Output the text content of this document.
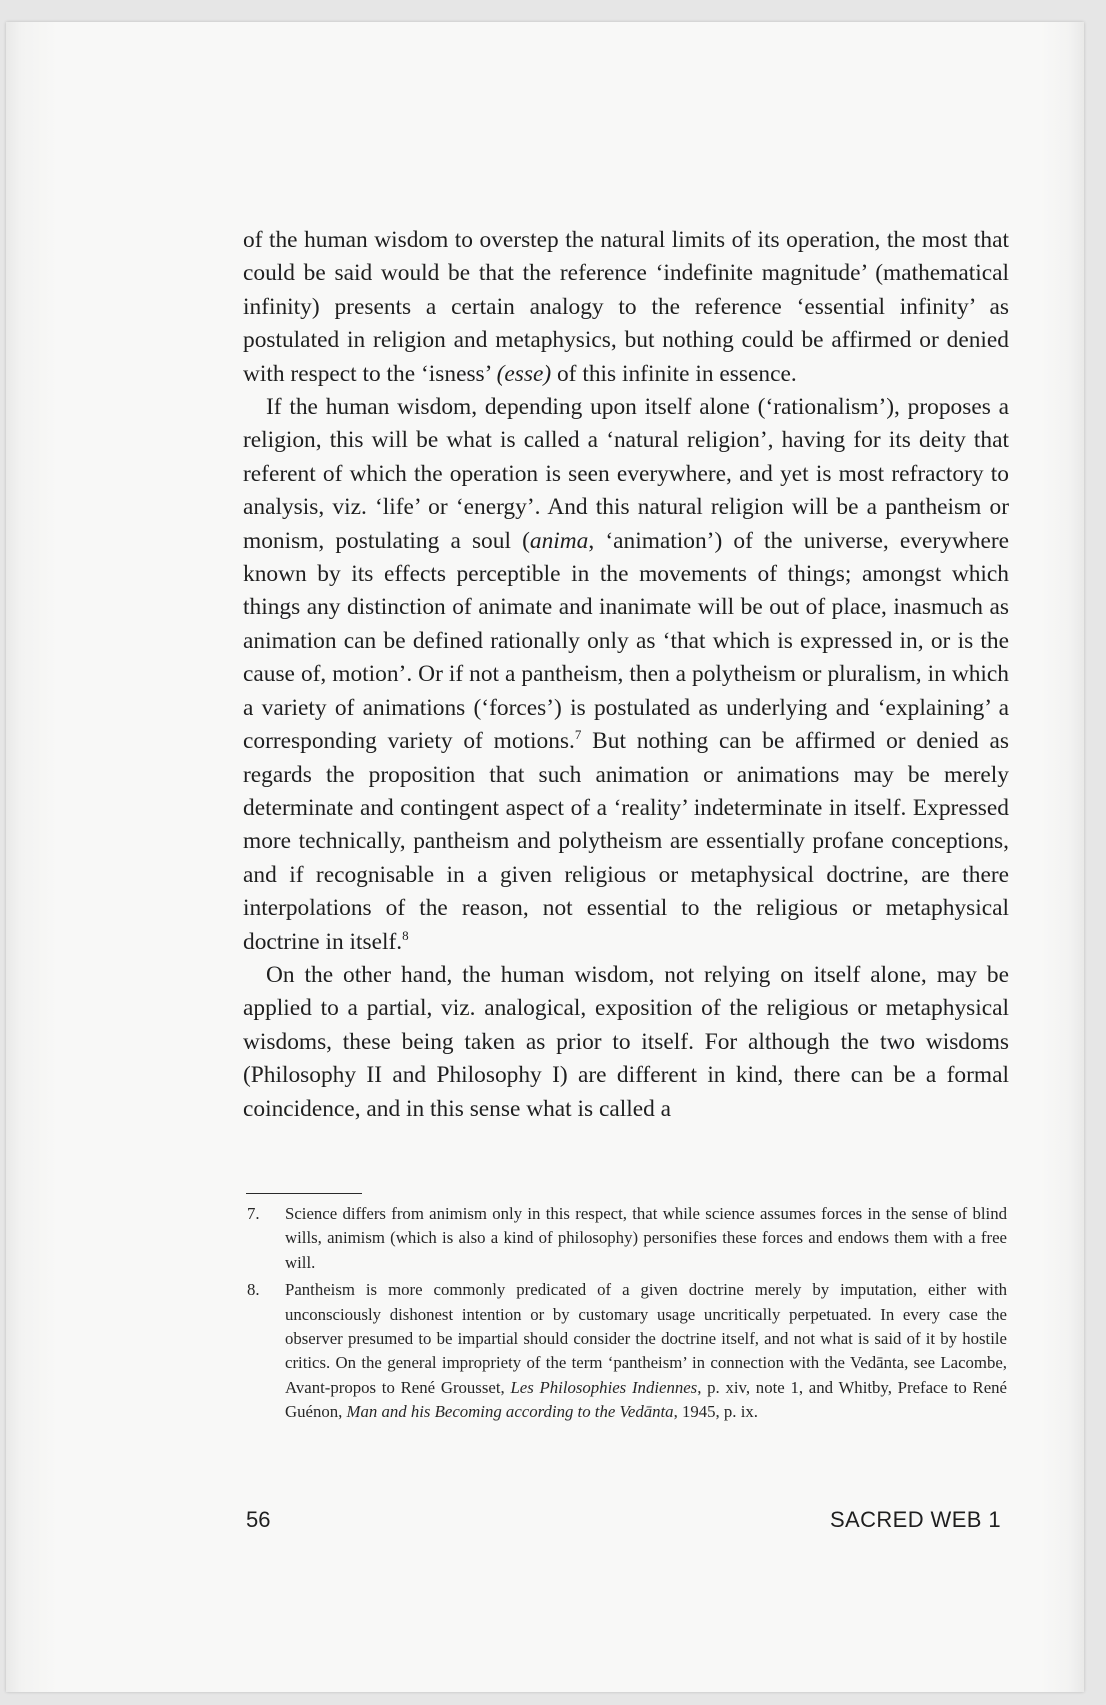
of the human wisdom to overstep the natural limits of its operation, the most that could be said would be that the reference ‘indefinite magnitude’ (mathematical infinity) presents a certain analogy to the reference ‘essential infinity’ as postulated in religion and metaphysics, but nothing could be affirmed or denied with respect to the ‘isness’ (esse) of this infinite in essence.

If the human wisdom, depending upon itself alone (‘rationalism’), proposes a religion, this will be what is called a ‘natural religion’, having for its deity that referent of which the operation is seen everywhere, and yet is most refractory to analysis, viz. ‘life’ or ‘energy’. And this natural religion will be a pantheism or monism, postulating a soul (anima, ‘animation’) of the universe, everywhere known by its effects perceptible in the movements of things; amongst which things any distinction of animate and inanimate will be out of place, inasmuch as animation can be defined rationally only as ‘that which is expressed in, or is the cause of, motion’. Or if not a pantheism, then a polytheism or pluralism, in which a variety of animations (‘forces’) is postulated as underlying and ‘explaining’ a corresponding variety of motions.$^7$ But nothing can be affirmed or denied as regards the proposition that such animation or animations may be merely determinate and contingent aspect of a ‘reality’ indeterminate in itself. Expressed more technically, pantheism and polytheism are essentially profane conceptions, and if recognisable in a given religious or metaphysical doctrine, are there interpolations of the reason, not essential to the religious or metaphysical doctrine in itself.$^8$

On the other hand, the human wisdom, not relying on itself alone, may be applied to a partial, viz. analogical, exposition of the religious or metaphysical wisdoms, these being taken as prior to itself. For although the two wisdoms (Philosophy II and Philosophy I) are different in kind, there can be a formal coincidence, and in this sense what is called a

7. Science differs from animism only in this respect, that while science assumes forces in the sense of blind wills, animism (which is also a kind of philosophy) personifies these forces and endows them with a free will.
8. Pantheism is more commonly predicated of a given doctrine merely by imputation, either with unconsciously dishonest intention or by customary usage uncritically perpetuated. In every case the observer presumed to be impartial should consider the doctrine itself, and not what is said of it by hostile critics. On the general impropriety of the term ‘pantheism’ in connection with the Vedānta, see Lacombe, Avant-propos to René Grousset, Les Philosophies Indiennes, p. xiv, note 1, and Whitby, Preface to René Guénon, Man and his Becoming according to the Vedānta, 1945, p. ix.
56	SACRED WEB 1
